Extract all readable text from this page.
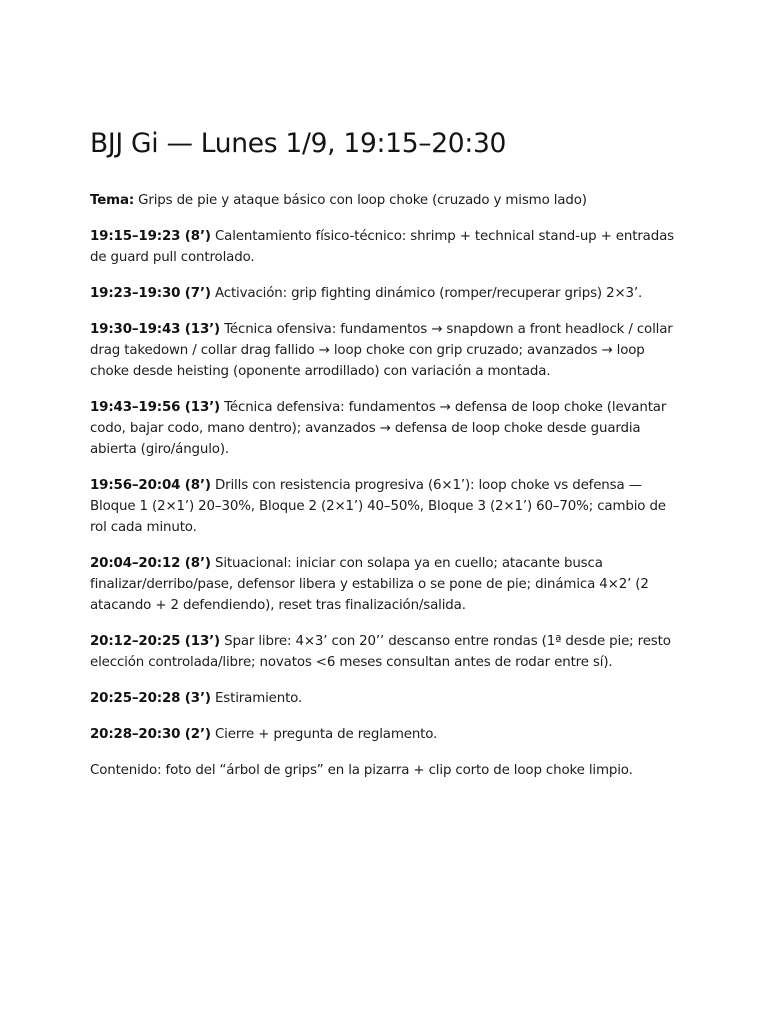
BJJ Gi — Lunes 1/9, 19:15–20:30

Tema: Grips de pie y ataque básico con loop choke (cruzado y mismo lado)

19:15–19:23 (8’) Calentamiento físico-técnico: shrimp + technical stand-up + entradas de guard pull controlado.

19:23–19:30 (7’) Activación: grip fighting dinámico (romper/recuperar grips) 2×3’.

19:30–19:43 (13’) Técnica ofensiva: fundamentos → snapdown a front headlock / collar drag takedown / collar drag fallido → loop choke con grip cruzado; avanzados → loop choke desde heisting (oponente arrodillado) con variación a montada.

19:43–19:56 (13’) Técnica defensiva: fundamentos → defensa de loop choke (levantar codo, bajar codo, mano dentro); avanzados → defensa de loop choke desde guardia abierta (giro/ángulo).

19:56–20:04 (8’) Drills con resistencia progresiva (6×1’): loop choke vs defensa — Bloque 1 (2×1’) 20–30%, Bloque 2 (2×1’) 40–50%, Bloque 3 (2×1’) 60–70%; cambio de rol cada minuto.

20:04–20:12 (8’) Situacional: iniciar con solapa ya en cuello; atacante busca finalizar/derribo/pase, defensor libera y estabiliza o se pone de pie; dinámica 4×2’ (2 atacando + 2 defendiendo), reset tras finalización/salida.

20:12–20:25 (13’) Spar libre: 4×3’ con 20’’ descanso entre rondas (1ª desde pie; resto elección controlada/libre; novatos <6 meses consultan antes de rodar entre sí).

20:25–20:28 (3’) Estiramiento.

20:28–20:30 (2’) Cierre + pregunta de reglamento.

Contenido: foto del “árbol de grips” en la pizarra + clip corto de loop choke limpio.
